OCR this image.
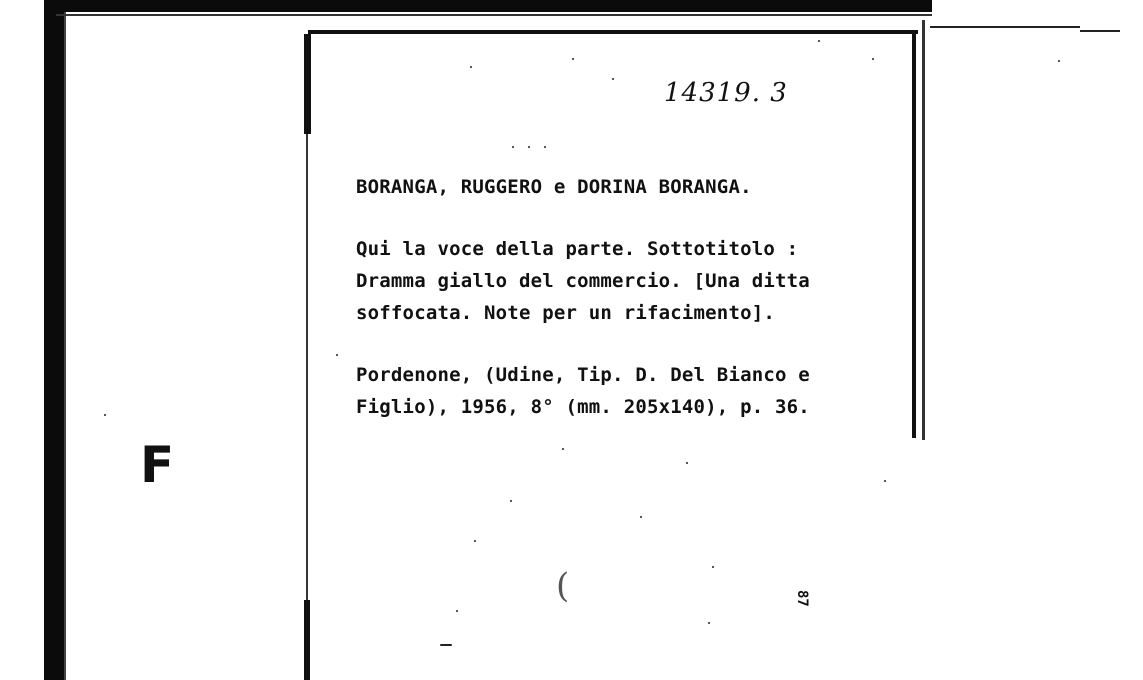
14319. 3
BORANGA, RUGGERO e DORINA BORANGA.
Qui la voce della parte. Sottotitolo :
Dramma giallo del commercio. [Una ditta
soffocata. Note per un rifacimento].
Pordenone, (Udine, Tip. D. Del Bianco e
Figlio), 1956, 8° (mm. 205x140), p. 36.
F
87
(
